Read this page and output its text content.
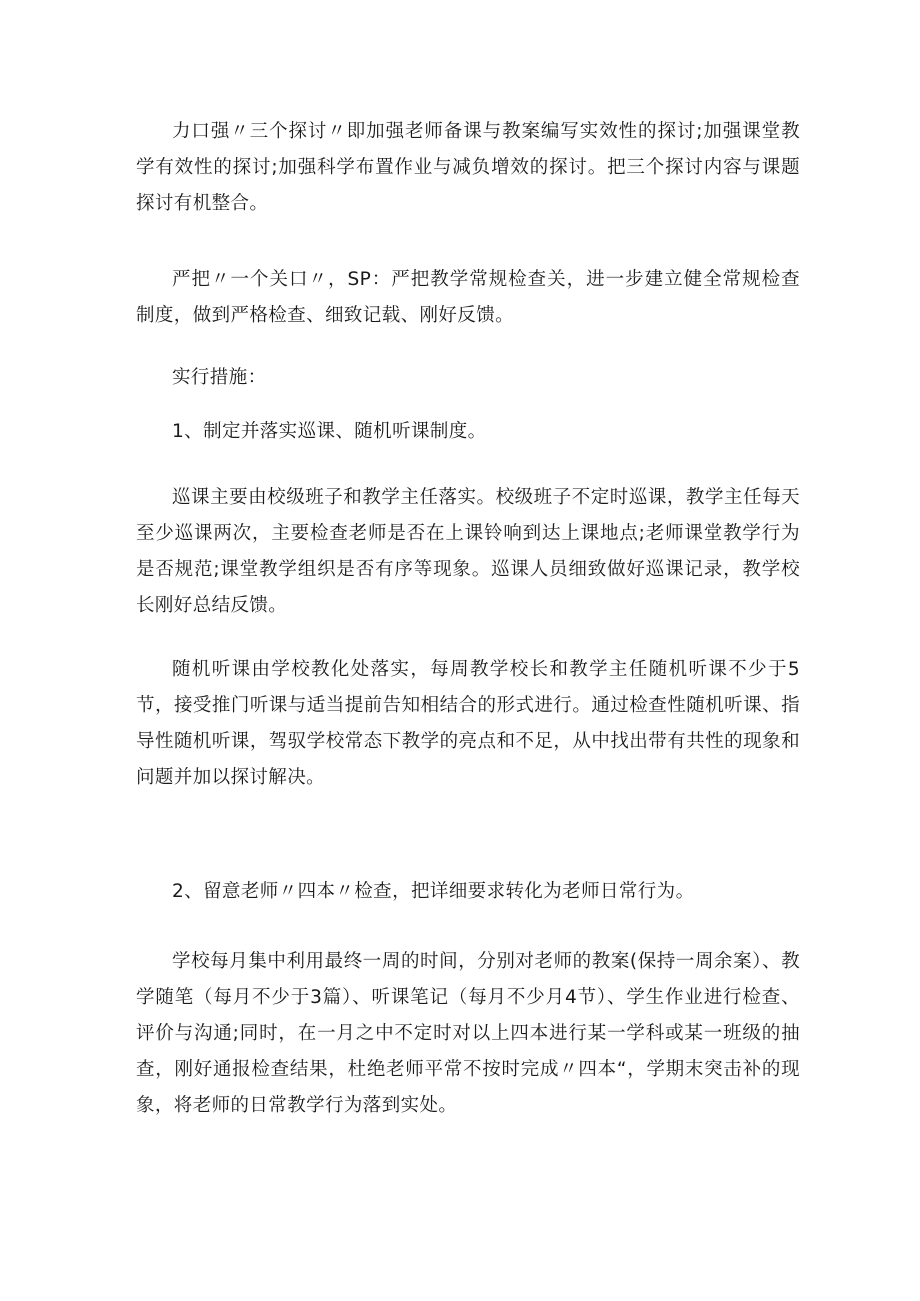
力口强〃三个探讨〃即加强老师备课与教案编写实效性的探讨;加强课堂教学有效性的探讨;加强科学布置作业与减负增效的探讨。把三个探讨内容与课题探讨有机整合。

严把〃一个关口〃，SP：严把教学常规检查关，进一步建立健全常规检查制度，做到严格检查、细致记载、刚好反馈。

实行措施：

1、制定并落实巡课、随机听课制度。

巡课主要由校级班子和教学主任落实。校级班子不定时巡课，教学主任每天至少巡课两次，主要检查老师是否在上课铃响到达上课地点;老师课堂教学行为是否规范;课堂教学组织是否有序等现象。巡课人员细致做好巡课记录，教学校长刚好总结反馈。

随机听课由学校教化处落实，每周教学校长和教学主任随机听课不少于5节，接受推门听课与适当提前告知相结合的形式进行。通过检查性随机听课、指导性随机听课，驾驭学校常态下教学的亮点和不足，从中找出带有共性的现象和问题并加以探讨解决。

2、留意老师〃四本〃检查，把详细要求转化为老师日常行为。

学校每月集中利用最终一周的时间，分别对老师的教案(保持一周余案）、教学随笔（每月不少于3篇）、听课笔记（每月不少月4节）、学生作业进行检查、评价与沟通;同时，在一月之中不定时对以上四本进行某一学科或某一班级的抽查，刚好通报检查结果，杜绝老师平常不按时完成〃四本“，学期末突击补的现象，将老师的日常教学行为落到实处。
